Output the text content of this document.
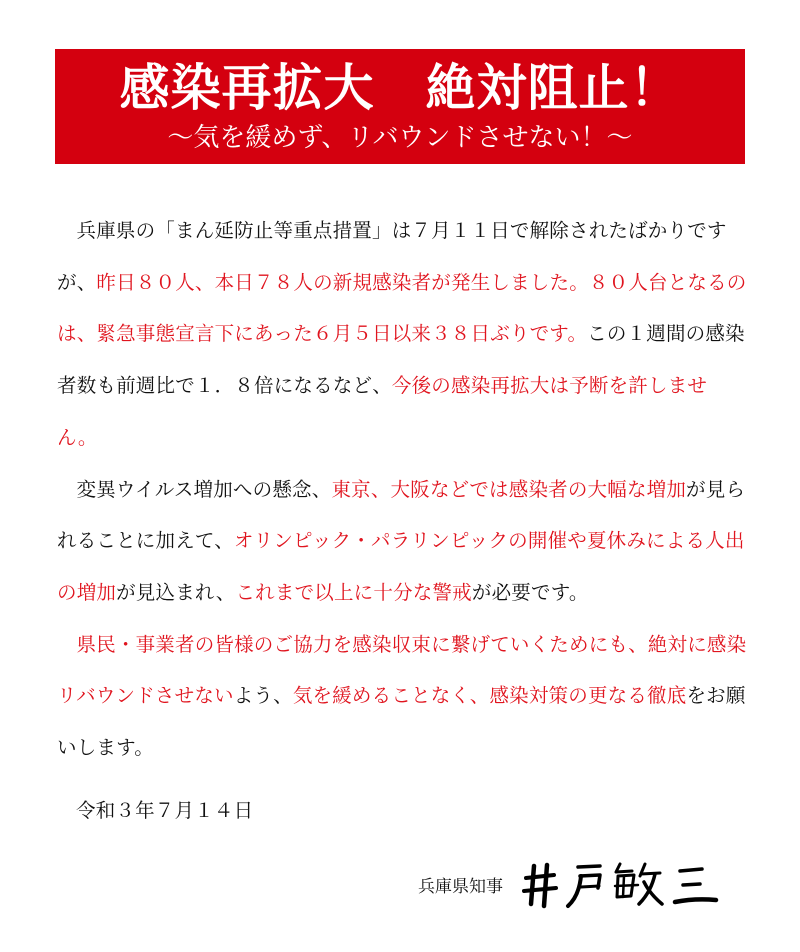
感染再拡大　絶対阻止！
～気を緩めず、リバウンドさせない！～

兵庫県の「まん延防止等重点措置」は７月１１日で解除されたばかりですが、昨日８０人、本日７８人の新規感染者が発生しました。８０人台となるのは、緊急事態宣言下にあった６月５日以来３８日ぶりです。この１週間の感染者数も前週比で１．８倍になるなど、今後の感染再拡大は予断を許しません。

変異ウイルス増加への懸念、東京、大阪などでは感染者の大幅な増加が見られることに加えて、オリンピック・パラリンピックの開催や夏休みによる人出の増加が見込まれ、これまで以上に十分な警戒が必要です。

県民・事業者の皆様のご協力を感染収束に繋げていくためにも、絶対に感染リバウンドさせないよう、気を緩めることなく、感染対策の更なる徹底をお願いします。

令和３年７月１４日
兵庫県知事
